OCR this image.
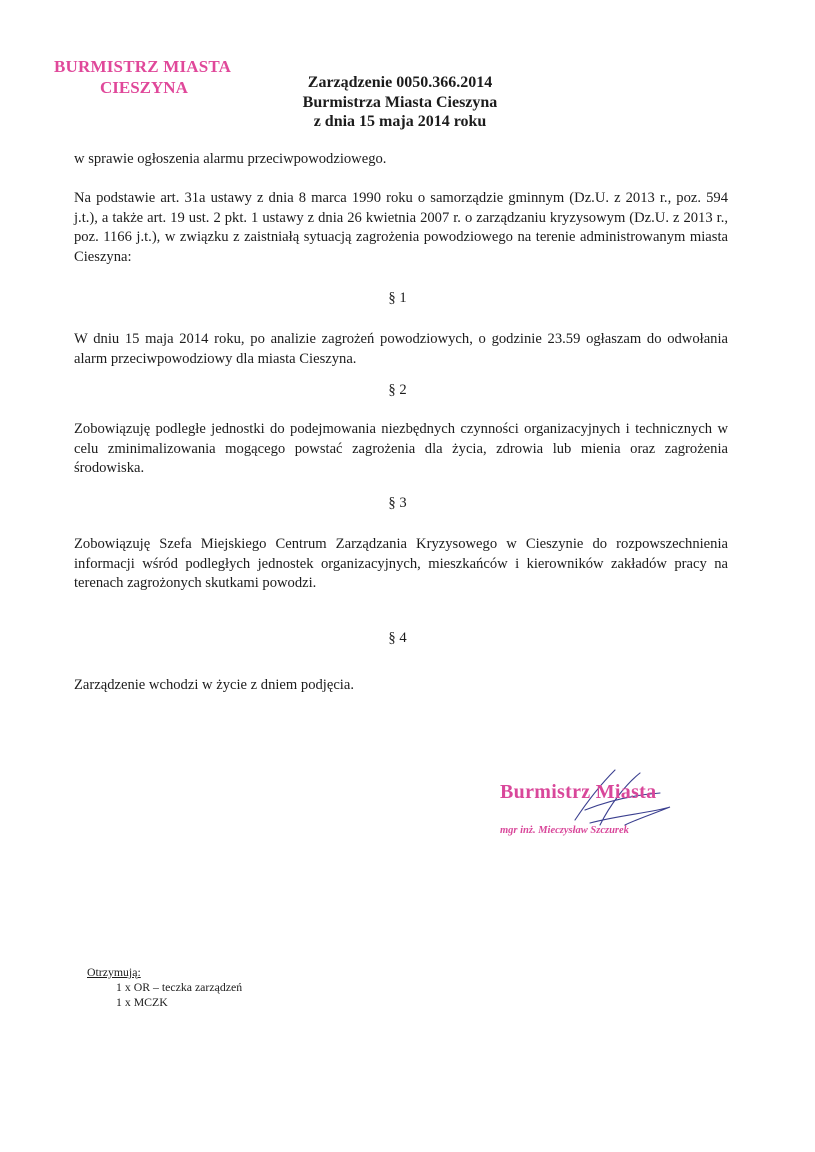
BURMISTRZ MIASTA
CIESZYNA	Zarządzenie 0050.366.2014
Burmistrza Miasta Cieszyna
z dnia 15 maja 2014 roku
w sprawie ogłoszenia alarmu przeciwpowodziowego.
Na podstawie art. 31a ustawy z dnia 8 marca 1990 roku o samorządzie gminnym (Dz.U. z 2013 r., poz. 594 j.t.), a także art. 19 ust. 2 pkt. 1 ustawy z dnia 26 kwietnia 2007 r. o zarządzaniu kryzysowym (Dz.U. z 2013 r., poz. 1166 j.t.), w związku z zaistniałą sytuacją zagrożenia powodziowego na terenie administrowanym miasta Cieszyna:
§ 1
W dniu 15 maja 2014 roku, po analizie zagrożeń powodziowych, o godzinie 23.59 ogłaszam do odwołania alarm przeciwpowodziowy dla miasta Cieszyna.
§ 2
Zobowiązuję podległe jednostki do podejmowania niezbędnych czynności organizacyjnych i technicznych w celu zminimalizowania mogącego powstać zagrożenia dla życia, zdrowia lub mienia oraz zagrożenia środowiska.
§ 3
Zobowiązuję Szefa Miejskiego Centrum Zarządzania Kryzysowego w Cieszynie do rozpowszechnienia informacji wśród podległych jednostek organizacyjnych, mieszkańców i kierowników zakładów pracy na terenach zagrożonych skutkami powodzi.
§ 4
Zarządzenie wchodzi w życie z dniem podjęcia.
Burmistrz Miasta
mgr inż. Mieczysław Szczurek
Otrzymują:
1 x OR – teczka zarządzeń
1 x MCZK
